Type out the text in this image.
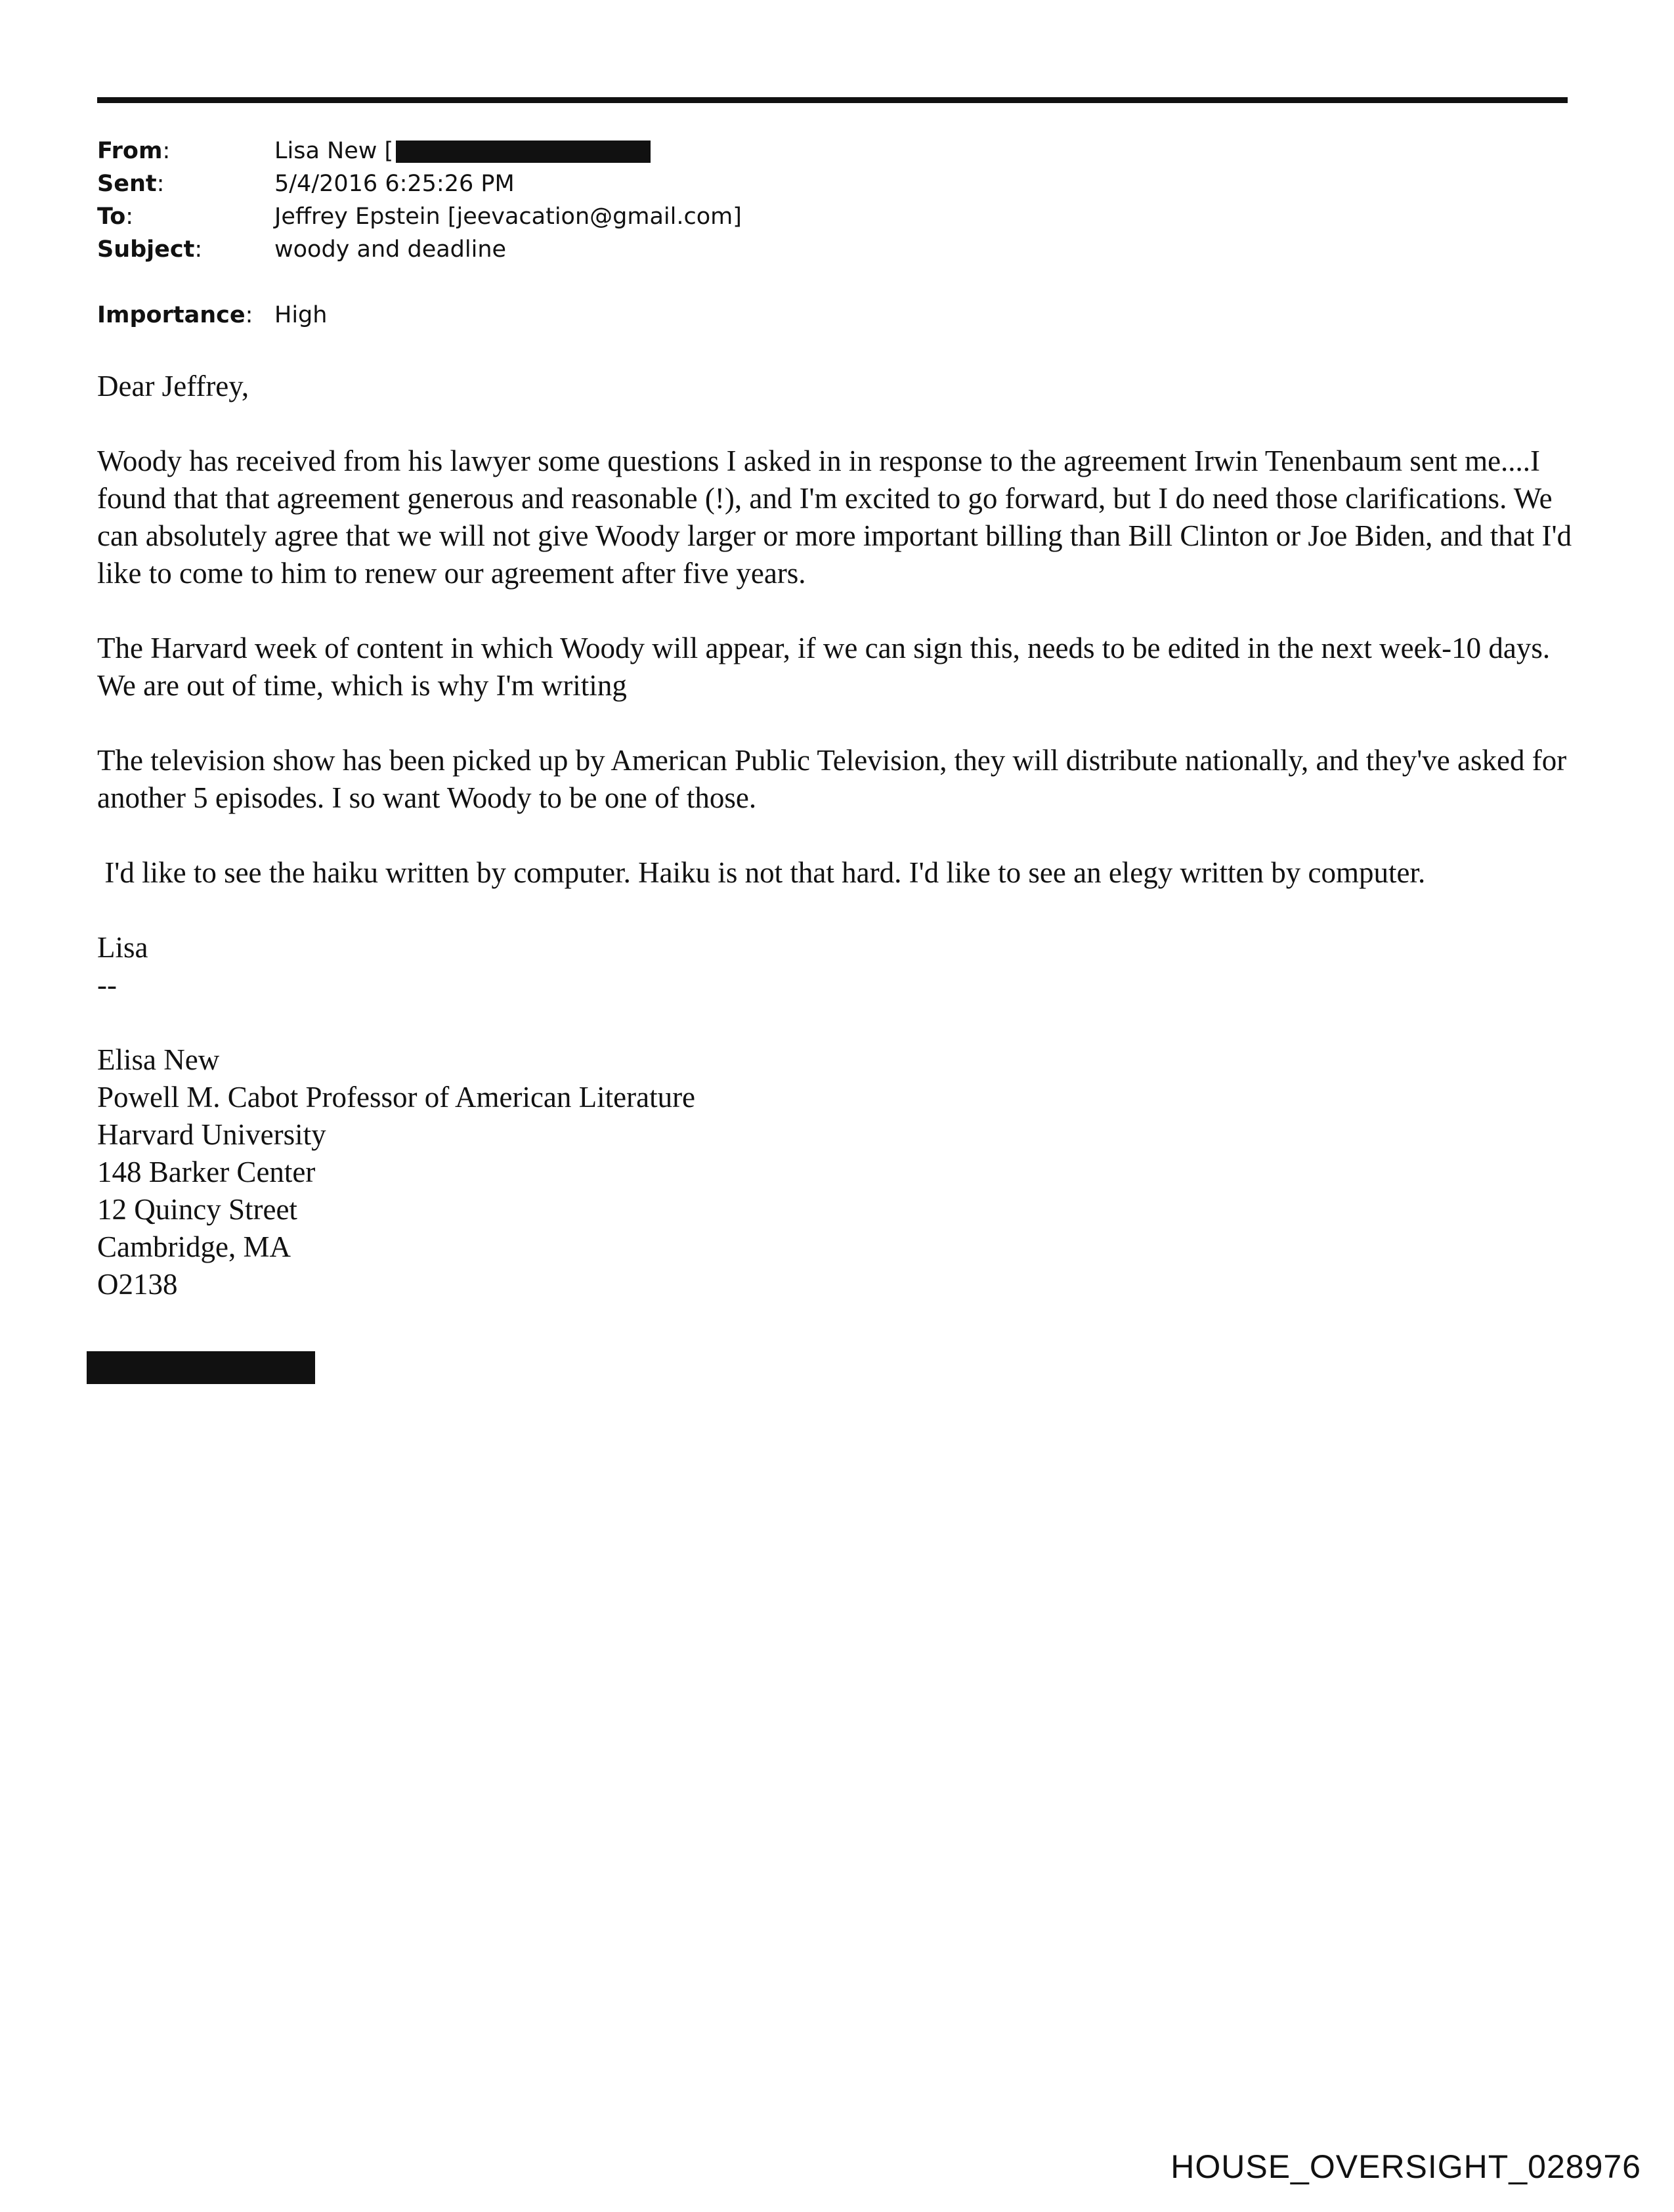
From:	Lisa New [
Sent:	5/4/2016 6:25:26 PM
To:	Jeffrey Epstein [jeevacation@gmail.com]
Subject:	woody and deadline
Importance: High

Dear Jeffrey,

Woody has received from his lawyer some questions I asked in in response to the agreement Irwin Tenenbaum sent me....I found that that agreement generous and reasonable (!), and I'm excited to go forward, but I do need those clarifications. We can absolutely agree that we will not give Woody larger or more important billing than Bill Clinton or Joe Biden, and that I'd like to come to him to renew our agreement after five years.

The Harvard week of content in which Woody will appear, if we can sign this, needs to be edited in the next week-10 days. We are out of time, which is why I'm writing

The television show has been picked up by American Public Television, they will distribute nationally, and they've asked for another 5 episodes. I so want Woody to be one of those.

I'd like to see the haiku written by computer. Haiku is not that hard. I'd like to see an elegy written by computer.

Lisa
--
Elisa New
Powell M. Cabot Professor of American Literature
Harvard University
148 Barker Center
12 Quincy Street
Cambridge, MA
O2138
HOUSE_OVERSIGHT_028976
